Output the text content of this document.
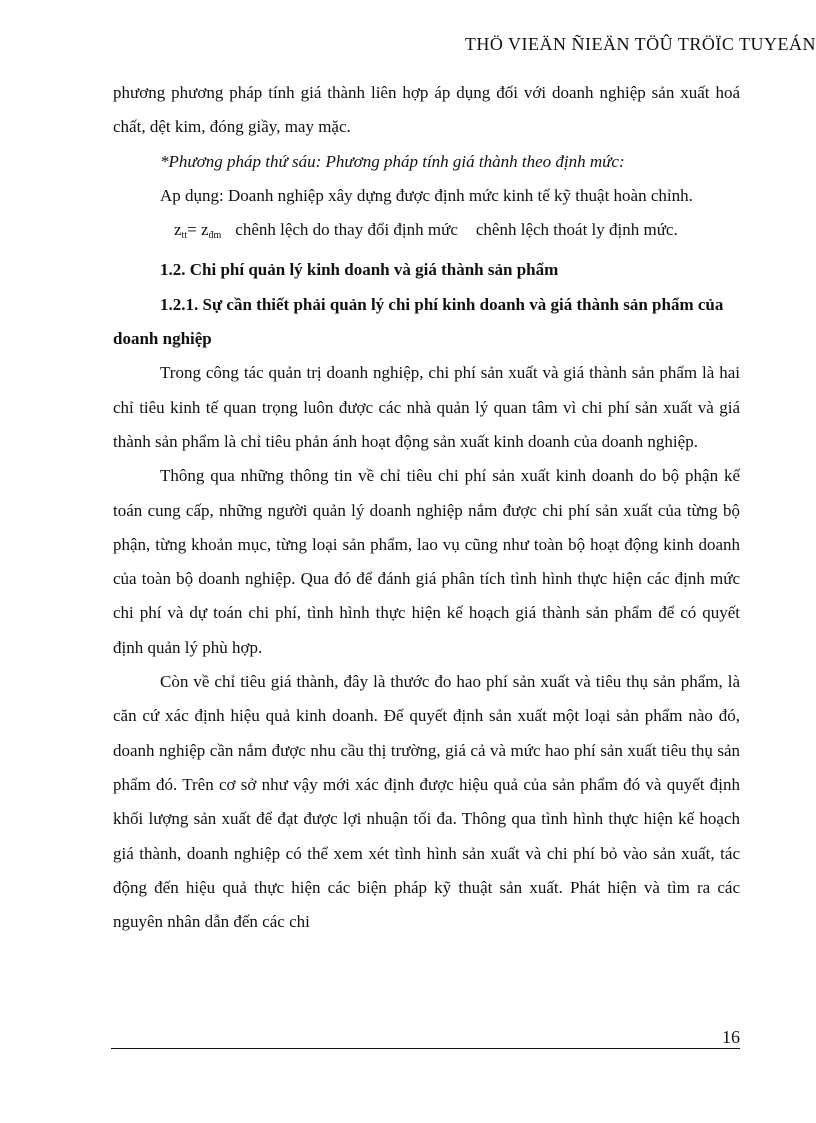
THÖ VIEÄN ÑIEÄN TÖÛ TRÖÏC TUYEÁN

phương phương pháp tính giá thành liên hợp áp dụng đối với doanh nghiệp sản xuất hoá chất, dệt kim, đóng giầy, may mặc.

*Phương pháp thứ sáu: Phương pháp tính giá thành theo định mức:

Ap dụng: Doanh nghiệp xây dựng được định mức kinh tế kỹ thuật hoàn chỉnh.

$z_{tt}= z_{đm}$ chênh lệch do thay đổi định mức chênh lệch thoát ly định mức.

1.2. Chi phí quản lý kinh doanh và giá thành sản phẩm

1.2.1. Sự cần thiết phải quản lý chi phí kinh doanh và giá thành sản phẩm của doanh nghiệp

Trong công tác quản trị doanh nghiệp, chi phí sản xuất và giá thành sản phẩm là hai chỉ tiêu kinh tế quan trọng luôn được các nhà quản lý quan tâm vì chi phí sản xuất và giá thành sản phẩm là chỉ tiêu phản ánh hoạt động sản xuất kinh doanh của doanh nghiệp.

Thông qua những thông tin về chỉ tiêu chi phí sản xuất kinh doanh do bộ phận kế toán cung cấp, những người quản lý doanh nghiệp nắm được chi phí sản xuất của từng bộ phận, từng khoản mục, từng loại sản phẩm, lao vụ cũng như toàn bộ hoạt động kinh doanh của toàn bộ doanh nghiệp. Qua đó để đánh giá phân tích tình hình thực hiện các định mức chi phí và dự toán chi phí, tình hình thực hiện kế hoạch giá thành sản phẩm để có quyết định quản lý phù hợp.

Còn về chỉ tiêu giá thành, đây là thước đo hao phí sản xuất và tiêu thụ sản phẩm, là căn cứ xác định hiệu quả kinh doanh. Để quyết định sản xuất một loại sản phẩm nào đó, doanh nghiệp cần nắm được nhu cầu thị trường, giá cả và mức hao phí sản xuất tiêu thụ sản phẩm đó. Trên cơ sở như vậy mới xác định được hiệu quả của sản phẩm đó và quyết định khối lượng sản xuất để đạt được lợi nhuận tối đa. Thông qua tình hình thực hiện kế hoạch giá thành, doanh nghiệp có thể xem xét tình hình sản xuất và chi phí bỏ vào sản xuất, tác động đến hiệu quả thực hiện các biện pháp kỹ thuật sản xuất. Phát hiện và tìm ra các nguyên nhân dẫn đến các chi

16
